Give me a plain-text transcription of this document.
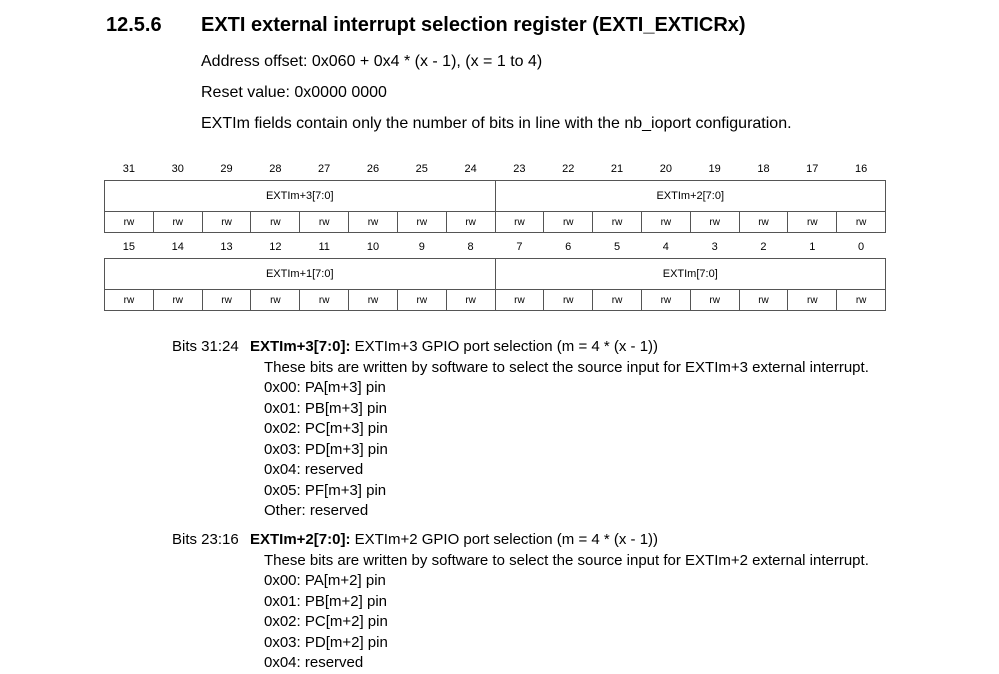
12.5.6 EXTI external interrupt selection register (EXTI_EXTICRx)
Address offset: 0x060 + 0x4 * (x - 1), (x = 1 to 4)
Reset value: 0x0000 0000
EXTIm fields contain only the number of bits in line with the nb_ioport configuration.
31	30	29	28	27	26	25	24	23	22	21	20	19	18	17	16
EXTIm+3[7:0]								EXTIm+2[7:0]							
rw	rw	rw	rw	rw	rw	rw	rw	rw	rw	rw	rw	rw	rw	rw	rw
15	14	13	12	11	10	9	8	7	6	5	4	3	2	1	0
EXTIm+1[7:0]								EXTIm[7:0]							
rw	rw	rw	rw	rw	rw	rw	rw	rw	rw	rw	rw	rw	rw	rw	rw
Bits 31:24 EXTIm+3[7:0]: EXTIm+3 GPIO port selection (m = 4 * (x - 1))
These bits are written by software to select the source input for EXTIm+3 external interrupt.
0x00: PA[m+3] pin
0x01: PB[m+3] pin
0x02: PC[m+3] pin
0x03: PD[m+3] pin
0x04: reserved
0x05: PF[m+3] pin
Other: reserved
Bits 23:16 EXTIm+2[7:0]: EXTIm+2 GPIO port selection (m = 4 * (x - 1))
These bits are written by software to select the source input for EXTIm+2 external interrupt.
0x00: PA[m+2] pin
0x01: PB[m+2] pin
0x02: PC[m+2] pin
0x03: PD[m+2] pin
0x04: reserved
